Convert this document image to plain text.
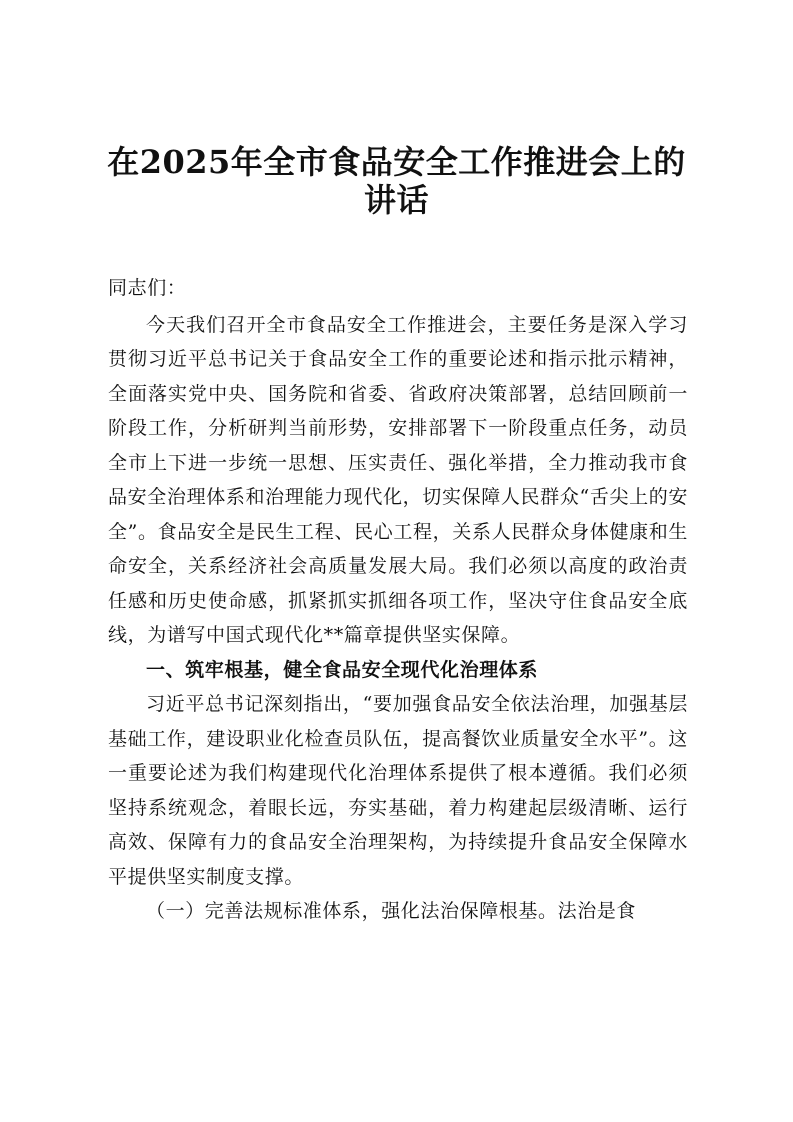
在2025年全市食品安全工作推进会上的讲话

同志们：

今天我们召开全市食品安全工作推进会，主要任务是深入学习贯彻习近平总书记关于食品安全工作的重要论述和指示批示精神，全面落实党中央、国务院和省委、省政府决策部署，总结回顾前一阶段工作，分析研判当前形势，安排部署下一阶段重点任务，动员全市上下进一步统一思想、压实责任、强化举措，全力推动我市食品安全治理体系和治理能力现代化，切实保障人民群众“舌尖上的安全”。食品安全是民生工程、民心工程，关系人民群众身体健康和生命安全，关系经济社会高质量发展大局。我们必须以高度的政治责任感和历史使命感，抓紧抓实抓细各项工作，坚决守住食品安全底线，为谱写中国式现代化**篇章提供坚实保障。

一、筑牢根基，健全食品安全现代化治理体系

习近平总书记深刻指出，“要加强食品安全依法治理，加强基层基础工作，建设职业化检查员队伍，提高餐饮业质量安全水平”。这一重要论述为我们构建现代化治理体系提供了根本遵循。我们必须坚持系统观念，着眼长远，夯实基础，着力构建起层级清晰、运行高效、保障有力的食品安全治理架构，为持续提升食品安全保障水平提供坚实制度支撑。

（一）完善法规标准体系，强化法治保障根基。法治是食
